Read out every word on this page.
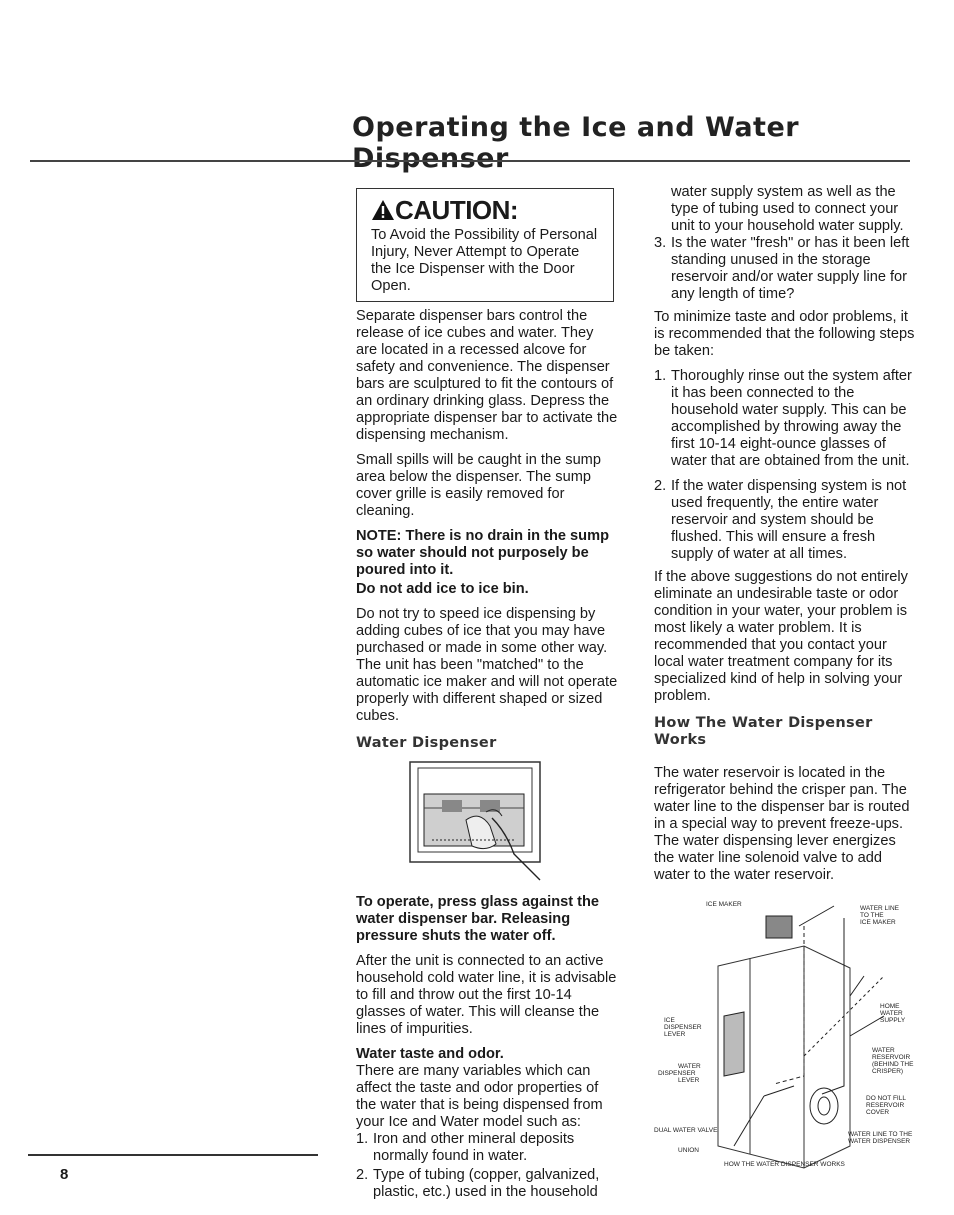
Operating the Ice and Water Dispenser
CAUTION:
To Avoid the Possibility of Personal Injury, Never Attempt to Operate the Ice Dispenser with the Door Open.

Separate dispenser bars control the release of ice cubes and water. They are located in a recessed alcove for safety and convenience. The dispenser bars are sculptured to fit the contours of an ordinary drinking glass. Depress the appropriate dispenser bar to activate the dispensing mechanism.

Small spills will be caught in the sump area below the dispenser. The sump cover grille is easily removed for cleaning.

NOTE: There is no drain in the sump so water should not purposely be poured into it.

Do not add ice to ice bin.

Do not try to speed ice dispensing by adding cubes of ice that you may have purchased or made in some other way. The unit has been "matched" to the automatic ice maker and will not operate properly with different shaped or sized cubes.

Water Dispenser

To operate, press glass against the water dispenser bar. Releasing pressure shuts the water off.

After the unit is connected to an active household cold water line, it is advisable to fill and throw out the first 10-14 glasses of water. This will cleanse the lines of impurities.

Water taste and odor.

There are many variables which can affect the taste and odor properties of the water that is being dispensed from your Ice and Water model such as:

1. Iron and other mineral deposits normally found in water.
2. Type of tubing (copper, galvanized, plastic, etc.) used in the household

water supply system as well as the type of tubing used to connect your unit to your household water supply.

3. Is the water "fresh" or has it been left standing unused in the storage reservoir and/or water supply line for any length of time?

To minimize taste and odor problems, it is recommended that the following steps be taken:

1. Thoroughly rinse out the system after it has been connected to the household water supply. This can be accomplished by throwing away the first 10-14 eight-ounce glasses of water that are obtained from the unit.
2. If the water dispensing system is not used frequently, the entire water reservoir and system should be flushed. This will ensure a fresh supply of water at all times.

If the above suggestions do not entirely eliminate an undesirable taste or odor condition in your water, your problem is most likely a water problem. It is recommended that you contact your local water treatment company for its specialized kind of help in solving your problem.

How The Water Dispenser Works

The water reservoir is located in the refrigerator behind the crisper pan. The water line to the dispenser bar is routed in a special way to prevent freeze-ups. The water dispensing lever energizes the water line solenoid valve to add water to the water reservoir.

ICE MAKER
WATER LINE TO THE ICE MAKER
HOME WATER SUPPLY
ICE DISPENSER LEVER
WATER RESERVOIR (BEHIND THE CRISPER)
WATER DISPENSER LEVER
DO NOT FILL RESERVOIR COVER
DUAL WATER VALVE
WATER LINE TO THE WATER DISPENSER
UNION
HOW THE WATER DISPENSER WORKS
8
